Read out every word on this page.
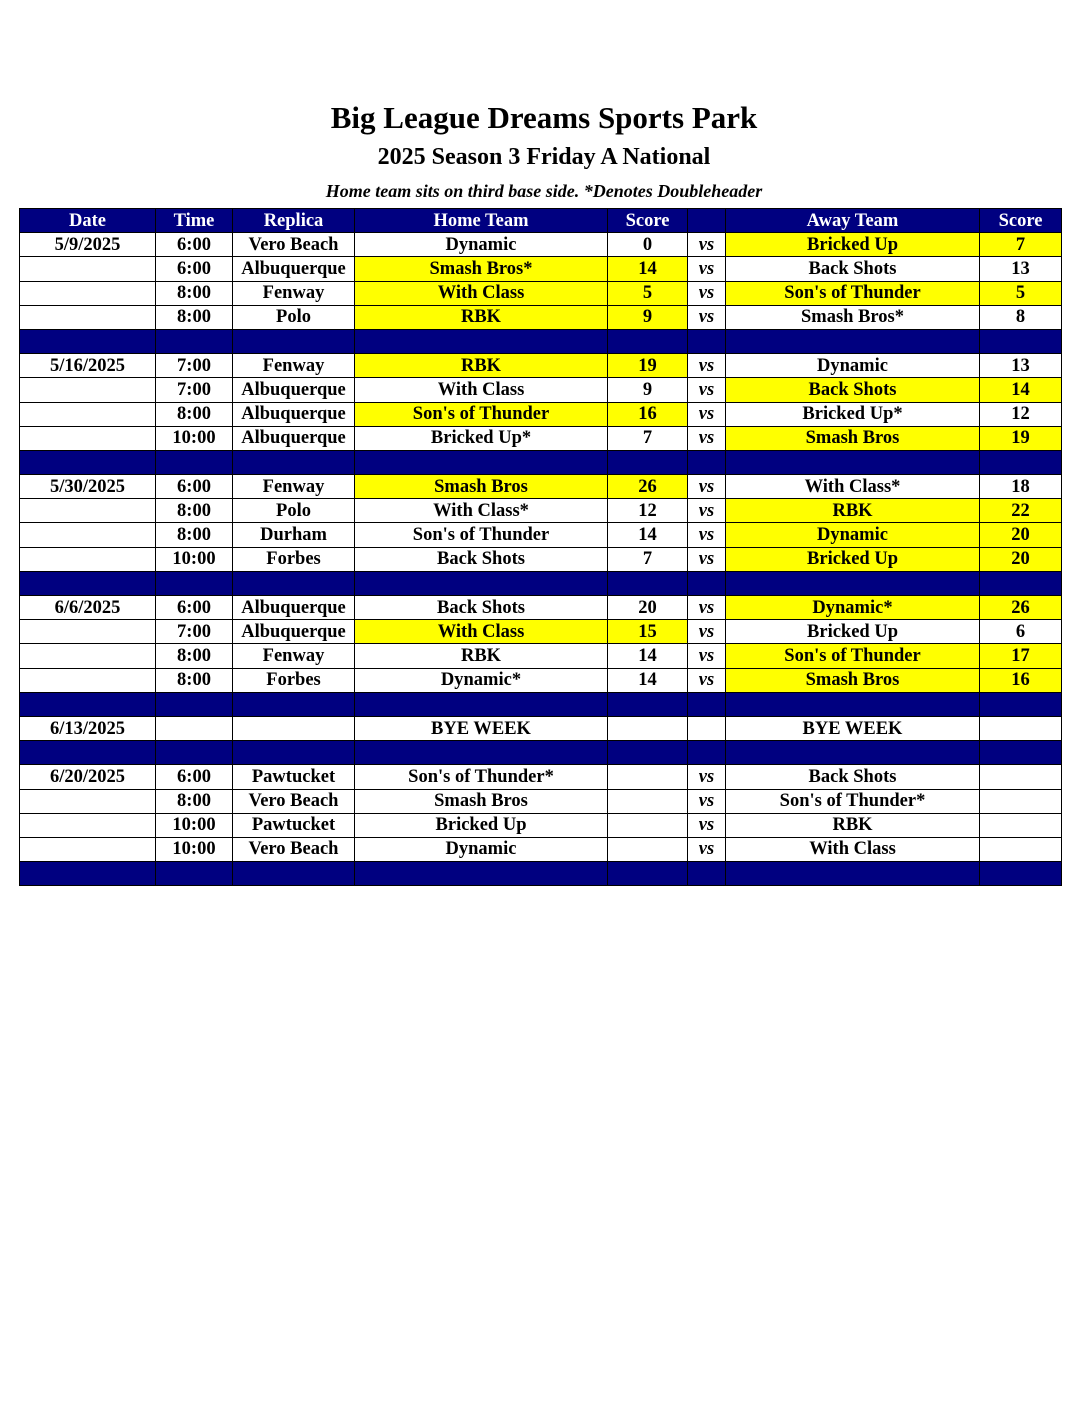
Big League Dreams Sports Park
2025 Season 3 Friday A National
Home team sits on third base side. *Denotes Doubleheader
Date	Time	Replica	Home Team	Score		Away Team	Score
5/9/2025	6:00	Vero Beach	Dynamic	0	vs	Bricked Up	7
	6:00	Albuquerque	Smash Bros*	14	vs	Back Shots	13
	8:00	Fenway	With Class	5	vs	Son's of Thunder	5
	8:00	Polo	RBK	9	vs	Smash Bros*	8

5/16/2025	7:00	Fenway	RBK	19	vs	Dynamic	13
	7:00	Albuquerque	With Class	9	vs	Back Shots	14
	8:00	Albuquerque	Son's of Thunder	16	vs	Bricked Up*	12
	10:00	Albuquerque	Bricked Up*	7	vs	Smash Bros	19

5/30/2025	6:00	Fenway	Smash Bros	26	vs	With Class*	18
	8:00	Polo	With Class*	12	vs	RBK	22
	8:00	Durham	Son's of Thunder	14	vs	Dynamic	20
	10:00	Forbes	Back Shots	7	vs	Bricked Up	20

6/6/2025	6:00	Albuquerque	Back Shots	20	vs	Dynamic*	26
	7:00	Albuquerque	With Class	15	vs	Bricked Up	6
	8:00	Fenway	RBK	14	vs	Son's of Thunder	17
	8:00	Forbes	Dynamic*	14	vs	Smash Bros	16

6/13/2025			BYE WEEK			BYE WEEK	

6/20/2025	6:00	Pawtucket	Son's of Thunder*		vs	Back Shots	
	8:00	Vero Beach	Smash Bros		vs	Son's of Thunder*	
	10:00	Pawtucket	Bricked Up		vs	RBK	
	10:00	Vero Beach	Dynamic		vs	With Class	
